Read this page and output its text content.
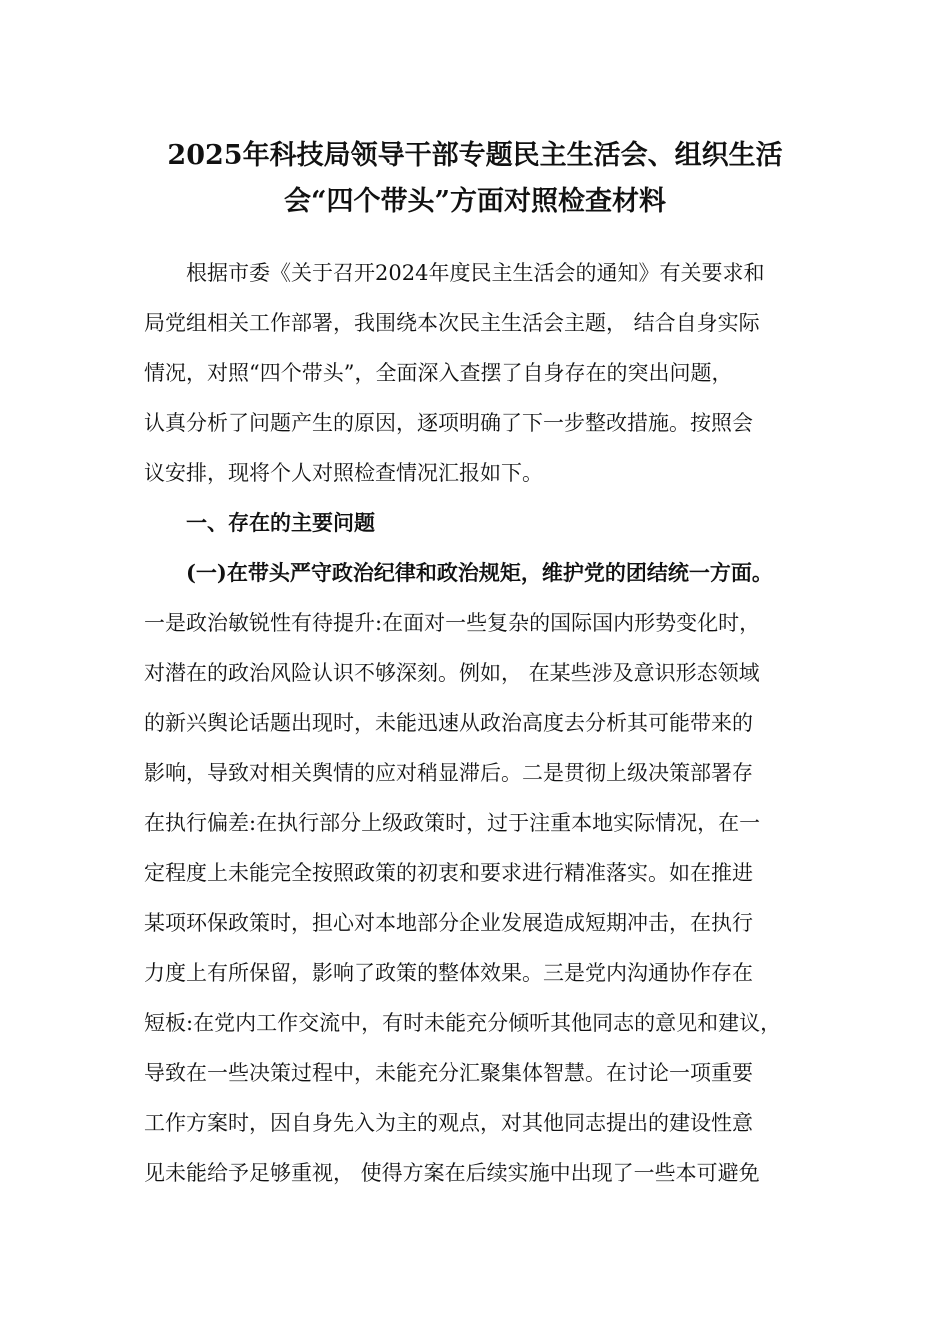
2025年科技局领导干部专题民主生活会、组织生活
会“四个带头”方面对照检查材料
根据市委《关于召开2024年度民主生活会的通知》有关要求和
局党组相关工作部署，我围绕本次民主生活会主题， 结合自身实际
情况，对照“四个带头”，全面深入查摆了自身存在的突出问题，
认真分析了问题产生的原因，逐项明确了下一步整改措施。按照会
议安排，现将个人对照检查情况汇报如下。
一、存在的主要问题
(一)在带头严守政治纪律和政治规矩，维护党的团结统一方面。
一是政治敏锐性有待提升:在面对一些复杂的国际国内形势变化时，
对潜在的政治风险认识不够深刻。例如， 在某些涉及意识形态领域
的新兴舆论话题出现时，未能迅速从政治高度去分析其可能带来的
影响，导致对相关舆情的应对稍显滞后。二是贯彻上级决策部署存
在执行偏差:在执行部分上级政策时，过于注重本地实际情况，在一
定程度上未能完全按照政策的初衷和要求进行精准落实。如在推进
某项环保政策时，担心对本地部分企业发展造成短期冲击，在执行
力度上有所保留，影响了政策的整体效果。三是党内沟通协作存在
短板:在党内工作交流中，有时未能充分倾听其他同志的意见和建议，
导致在一些决策过程中，未能充分汇聚集体智慧。在讨论一项重要
工作方案时，因自身先入为主的观点，对其他同志提出的建设性意
见未能给予足够重视， 使得方案在后续实施中出现了一些本可避免
